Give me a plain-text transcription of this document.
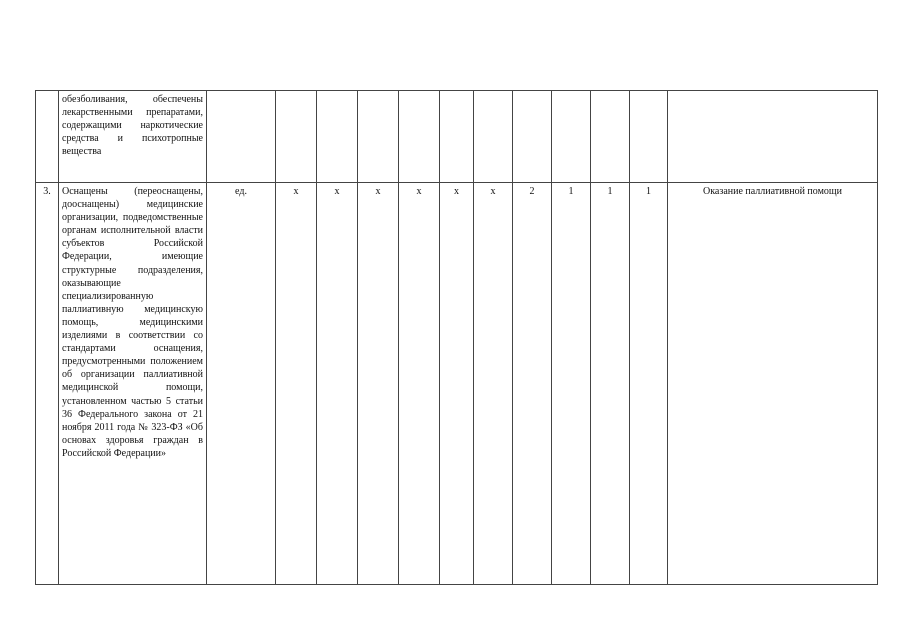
	обезболивания, обеспечены лекарственными препаратами, содержащими наркотические средства и психотропные вещества												
3.	Оснащены (переоснащены, дооснащены) медицинские организации, подведомственные органам исполнительной власти субъектов Российской Федерации, имеющие структурные подразделения, оказывающие специализированную паллиативную медицинскую помощь, медицинскими изделиями в соответствии со стандартами оснащения, предусмотренными положением об организации паллиативной медицинской помощи, установленном частью 5 статьи 36 Федерального закона от 21 ноября 2011 года № 323-ФЗ «Об основах здоровья граждан в Российской Федерации»	ед.	х	х	х	х	х	х	2	1	1	1	Оказание паллиативной помощи
